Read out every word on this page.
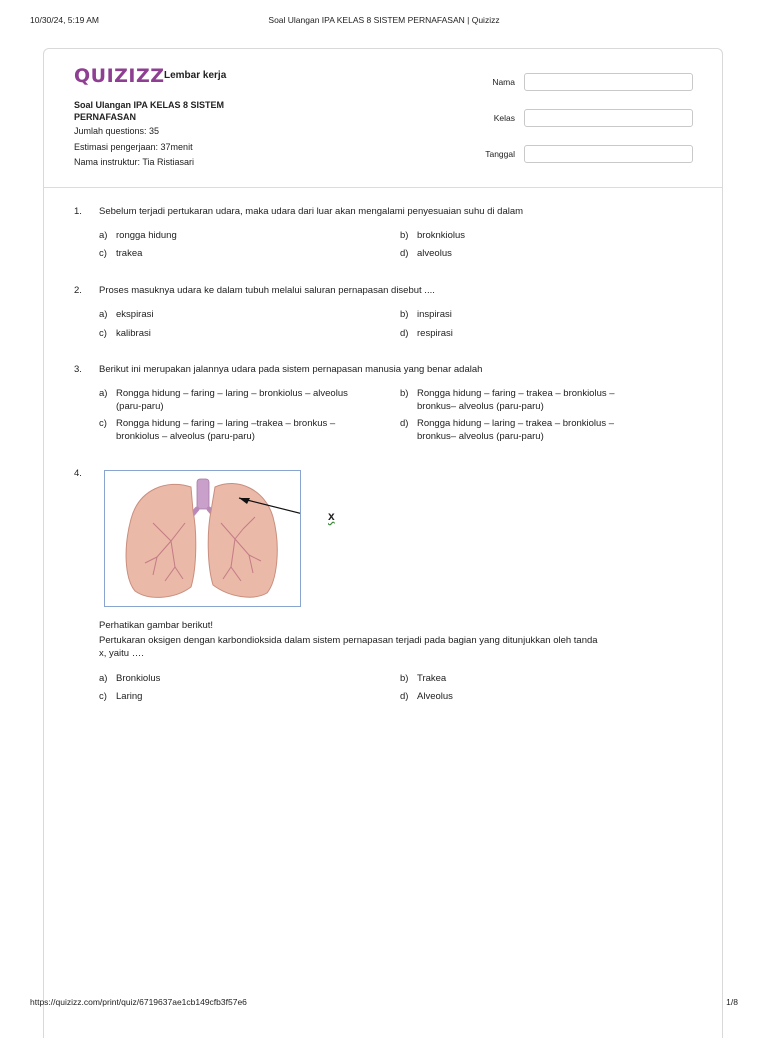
10/30/24, 5:19 AM	Soal Ulangan IPA KELAS 8 SISTEM PERNAFASAN | Quizizz
QUIZIZZ Lembar kerja
Soal Ulangan IPA KELAS 8 SISTEM PERNAFASAN
Jumlah questions: 35
Estimasi pengerjaan: 37menit
Nama instruktur: Tia Ristiasari
Nama
Kelas
Tanggal
1. Sebelum terjadi pertukaran udara, maka udara dari luar akan mengalami penyesuaian suhu di dalam
a) rongga hidung	b) broknkiolus
c) trakea	d) alveolus
2. Proses masuknya udara ke dalam tubuh melalui saluran pernapasan disebut ....
a) ekspirasi	b) inspirasi
c) kalibrasi	d) respirasi
3. Berikut ini merupakan jalannya udara pada sistem pernapasan manusia yang benar adalah
a) Rongga hidung – faring – laring – bronkiolus – alveolus
(paru-paru)
b) Rongga hidung – faring – trakea – bronkiolus –
bronkus– alveolus (paru-paru)
c) Rongga hidung – faring – laring –trakea – bronkus –
bronkiolus – alveolus (paru-paru)
d) Rongga hidung – laring – trakea – bronkiolus –
bronkus– alveolus (paru-paru)
4.
x
Perhatikan gambar berikut!
Pertukaran oksigen dengan karbondioksida dalam sistem pernapasan terjadi pada bagian yang ditunjukkan oleh tanda
x, yaitu ….
a) Bronkiolus	b) Trakea
c) Laring	d) Alveolus
https://quizizz.com/print/quiz/6719637ae1cb149cfb3f57e6	1/8
